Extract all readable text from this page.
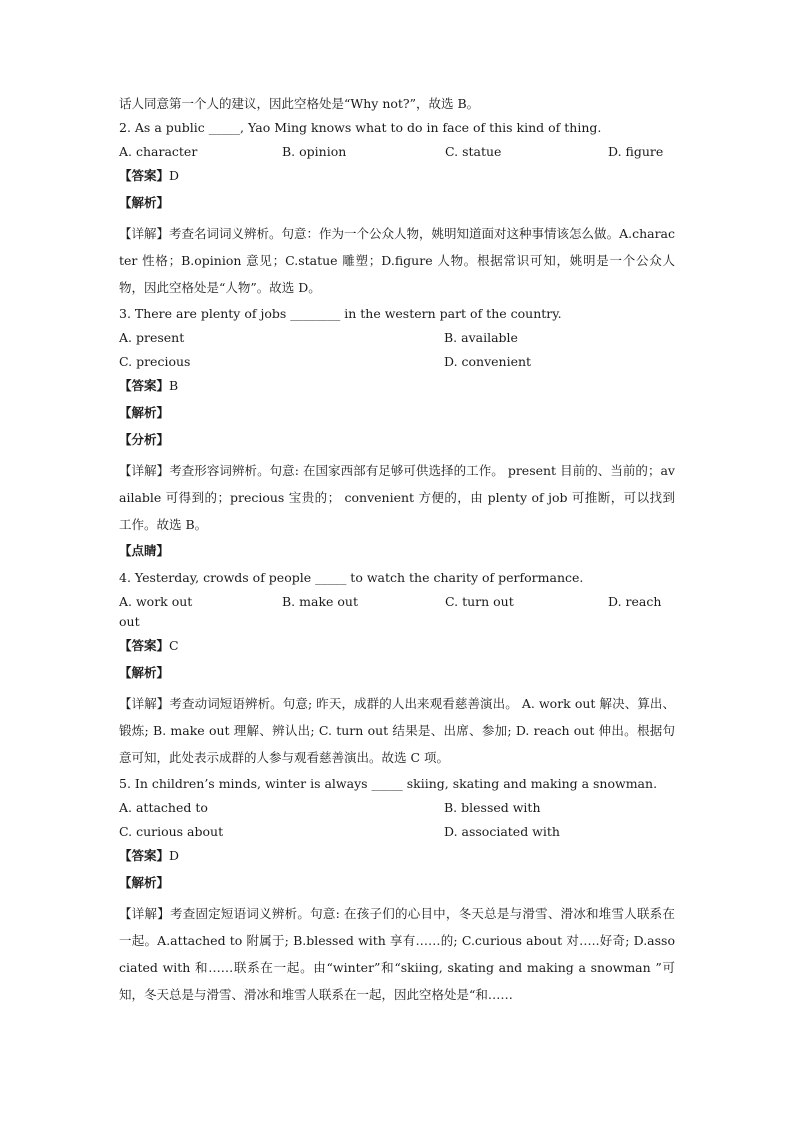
话人同意第一个人的建议，因此空格处是“Why not?”，故选 B。
2. As a public _____, Yao Ming knows what to do in face of this kind of thing.
A. character	B. opinion	C. statue	D. figure
【答案】D
【解析】

【详解】考查名词词义辨析。句意：作为一个公众人物，姚明知道面对这种事情该怎么做。A.character 性格；B.opinion 意见；C.statue 雕塑；D.figure 人物。根据常识可知，姚明是一个公众人物，因此空格处是“人物”。故选 D。

3. There are plenty of jobs ________ in the western part of the country.
A. present	B. available
C. precious	D. convenient
【答案】B
【解析】
【分析】

【详解】考查形容词辨析。句意: 在国家西部有足够可供选择的工作。 present 目前的、当前的；available 可得到的；precious 宝贵的； convenient 方便的，由 plenty of job 可推断，可以找到工作。故选 B。

【点睛】
4. Yesterday, crowds of people _____ to watch the charity of performance.
A. work out	B. make out	C. turn out	D. reach
out
【答案】C
【解析】

【详解】考查动词短语辨析。句意; 昨天，成群的人出来观看慈善演出。 A. work out 解决、算出、锻炼; B. make out 理解、辨认出; C. turn out 结果是、出席、参加; D. reach out 伸出。根据句意可知，此处表示成群的人参与观看慈善演出。故选 C 项。

5. In children’s minds, winter is always _____ skiing, skating and making a snowman.
A. attached to	B. blessed with
C. curious about	D. associated with
【答案】D
【解析】

【详解】考查固定短语词义辨析。句意: 在孩子们的心目中，冬天总是与滑雪、滑冰和堆雪人联系在一起。A.attached to 附属于; B.blessed with 享有……的; C.curious about 对…..好奇; D.associated with 和……联系在一起。由“winter”和“skiing, skating and making a snowman ”可知，冬天总是与滑雪、滑冰和堆雪人联系在一起，因此空格处是“和……
